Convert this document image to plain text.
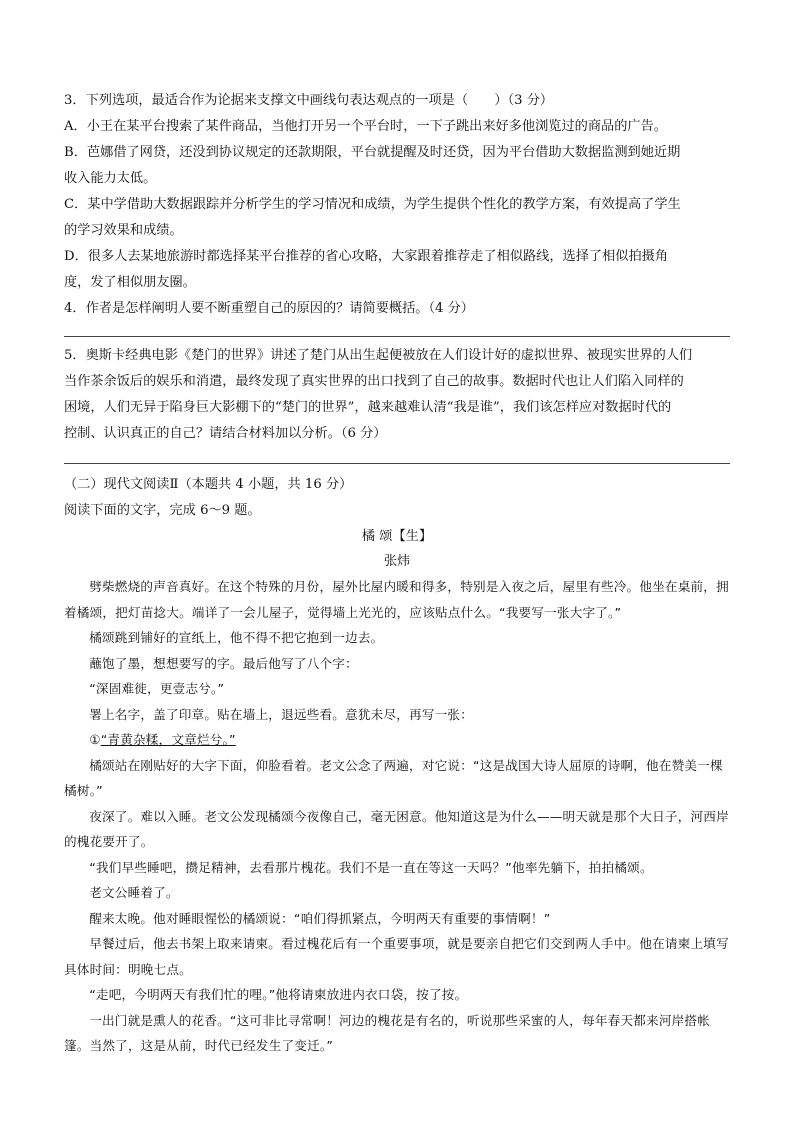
3．下列选项，最适合作为论据来支撑文中画线句表达观点的一项是（　　）（3 分）

A．小王在某平台搜索了某件商品，当他打开另一个平台时，一下子跳出来好多他浏览过的商品的广告。

B．芭娜借了网贷，还没到协议规定的还款期限，平台就提醒及时还贷，因为平台借助大数据监测到她近期

收入能力太低。

C．某中学借助大数据跟踪并分析学生的学习情况和成绩，为学生提供个性化的教学方案，有效提高了学生

的学习效果和成绩。

D．很多人去某地旅游时都选择某平台推荐的省心攻略，大家跟着推荐走了相似路线，选择了相似拍摄角

度，发了相似朋友圈。

4．作者是怎样阐明人要不断重塑自己的原因的？请简要概括。（4 分）

5．奥斯卡经典电影《楚门的世界》讲述了楚门从出生起便被放在人们设计好的虚拟世界、被现实世界的人们

当作茶余饭后的娱乐和消遣，最终发现了真实世界的出口找到了自己的故事。数据时代也让人们陷入同样的

困境，人们无异于陷身巨大影棚下的“楚门的世界”，越来越难认清“我是谁”，我们该怎样应对数据时代的

控制、认识真正的自己？请结合材料加以分析。（6 分）

（二）现代文阅读Ⅱ（本题共 4 小题，共 16 分）

阅读下面的文字，完成 6～9 题。

橘 颂【生】

张炜

劈柴燃烧的声音真好。在这个特殊的月份，屋外比屋内暖和得多，特别是入夜之后，屋里有些冷。他坐在桌前，拥着橘颂，把灯苗捻大。端详了一会儿屋子，觉得墙上光光的，应该贴点什么。“我要写一张大字了。”

橘颂跳到铺好的宣纸上，他不得不把它抱到一边去。

蘸饱了墨，想想要写的字。最后他写了八个字：

“深固难徙，更壹志兮。”

署上名字，盖了印章。贴在墙上，退远些看。意犹未尽，再写一张：

①“青黄杂糅，文章烂兮。”

橘颂站在刚贴好的大字下面，仰脸看着。老文公念了两遍，对它说：“这是战国大诗人屈原的诗啊，他在赞美一棵橘树。”

夜深了。难以入睡。老文公发现橘颂今夜像自己，毫无困意。他知道这是为什么——明天就是那个大日子，河西岸的槐花要开了。

“我们早些睡吧，攒足精神，去看那片槐花。我们不是一直在等这一天吗？”他率先躺下，拍拍橘颂。

老文公睡着了。

醒来太晚。他对睡眼惺忪的橘颂说：“咱们得抓紧点，今明两天有重要的事情啊！”

早餐过后，他去书架上取来请柬。看过槐花后有一个重要事项，就是要亲自把它们交到两人手中。他在请柬上填写具体时间：明晚七点。

“走吧，今明两天有我们忙的哩。”他将请柬放进内衣口袋，按了按。

一出门就是熏人的花香。“这可非比寻常啊！河边的槐花是有名的，听说那些采蜜的人，每年春天都来河岸搭帐篷。当然了，这是从前，时代已经发生了变迁。”
